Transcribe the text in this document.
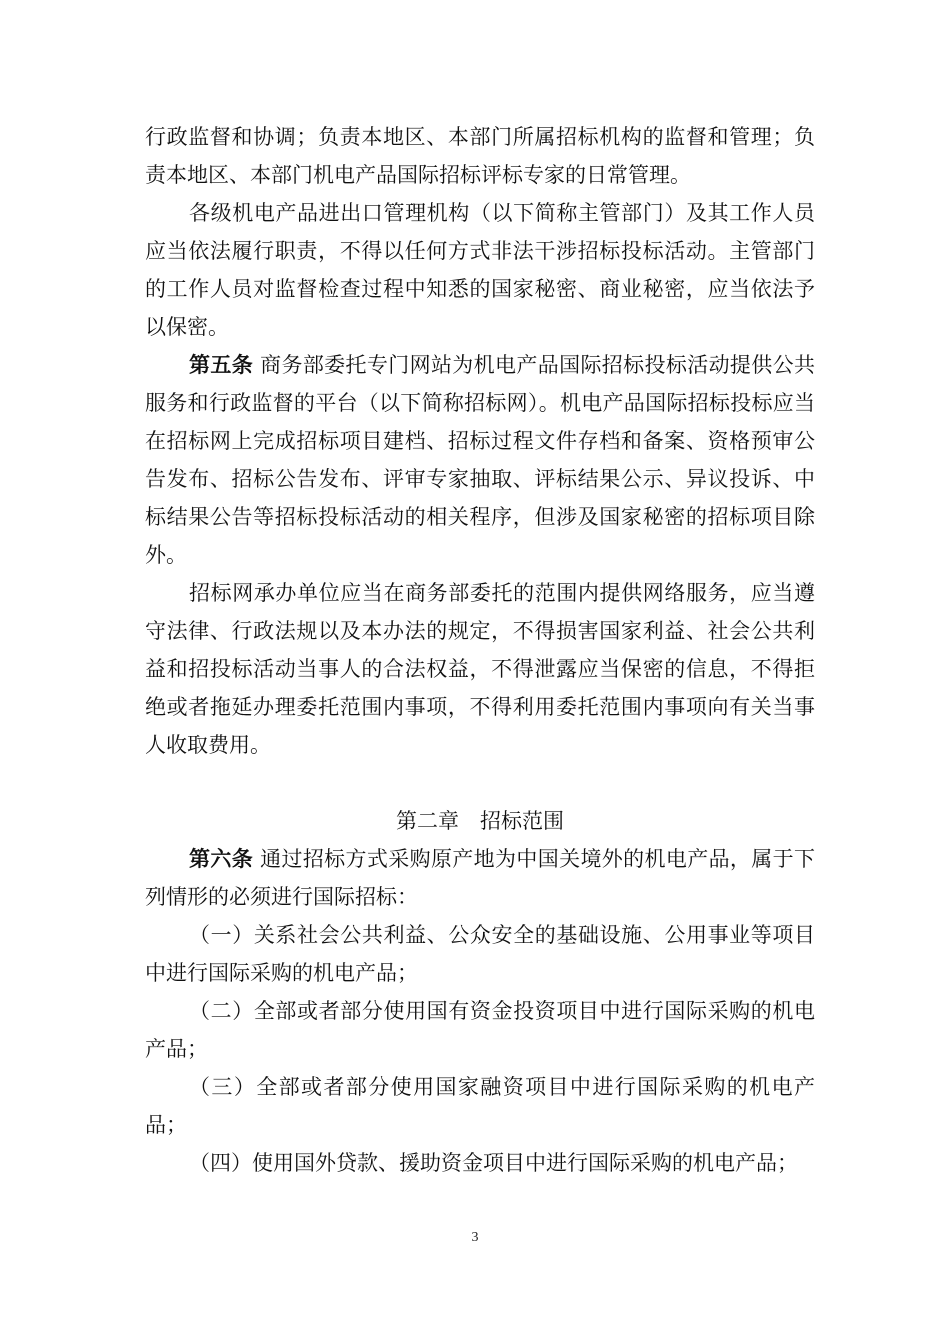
行政监督和协调；负责本地区、本部门所属招标机构的监督和管理；负责本地区、本部门机电产品国际招标评标专家的日常管理。

各级机电产品进出口管理机构（以下简称主管部门）及其工作人员应当依法履行职责，不得以任何方式非法干涉招标投标活动。主管部门的工作人员对监督检查过程中知悉的国家秘密、商业秘密，应当依法予以保密。

第五条 商务部委托专门网站为机电产品国际招标投标活动提供公共服务和行政监督的平台（以下简称招标网）。机电产品国际招标投标应当在招标网上完成招标项目建档、招标过程文件存档和备案、资格预审公告发布、招标公告发布、评审专家抽取、评标结果公示、异议投诉、中标结果公告等招标投标活动的相关程序，但涉及国家秘密的招标项目除外。

招标网承办单位应当在商务部委托的范围内提供网络服务，应当遵守法律、行政法规以及本办法的规定，不得损害国家利益、社会公共利益和招投标活动当事人的合法权益，不得泄露应当保密的信息，不得拒绝或者拖延办理委托范围内事项，不得利用委托范围内事项向有关当事人收取费用。

第二章　招标范围

第六条 通过招标方式采购原产地为中国关境外的机电产品，属于下列情形的必须进行国际招标：

（一）关系社会公共利益、公众安全的基础设施、公用事业等项目中进行国际采购的机电产品；

（二）全部或者部分使用国有资金投资项目中进行国际采购的机电产品；

（三）全部或者部分使用国家融资项目中进行国际采购的机电产品；

（四）使用国外贷款、援助资金项目中进行国际采购的机电产品；

3
